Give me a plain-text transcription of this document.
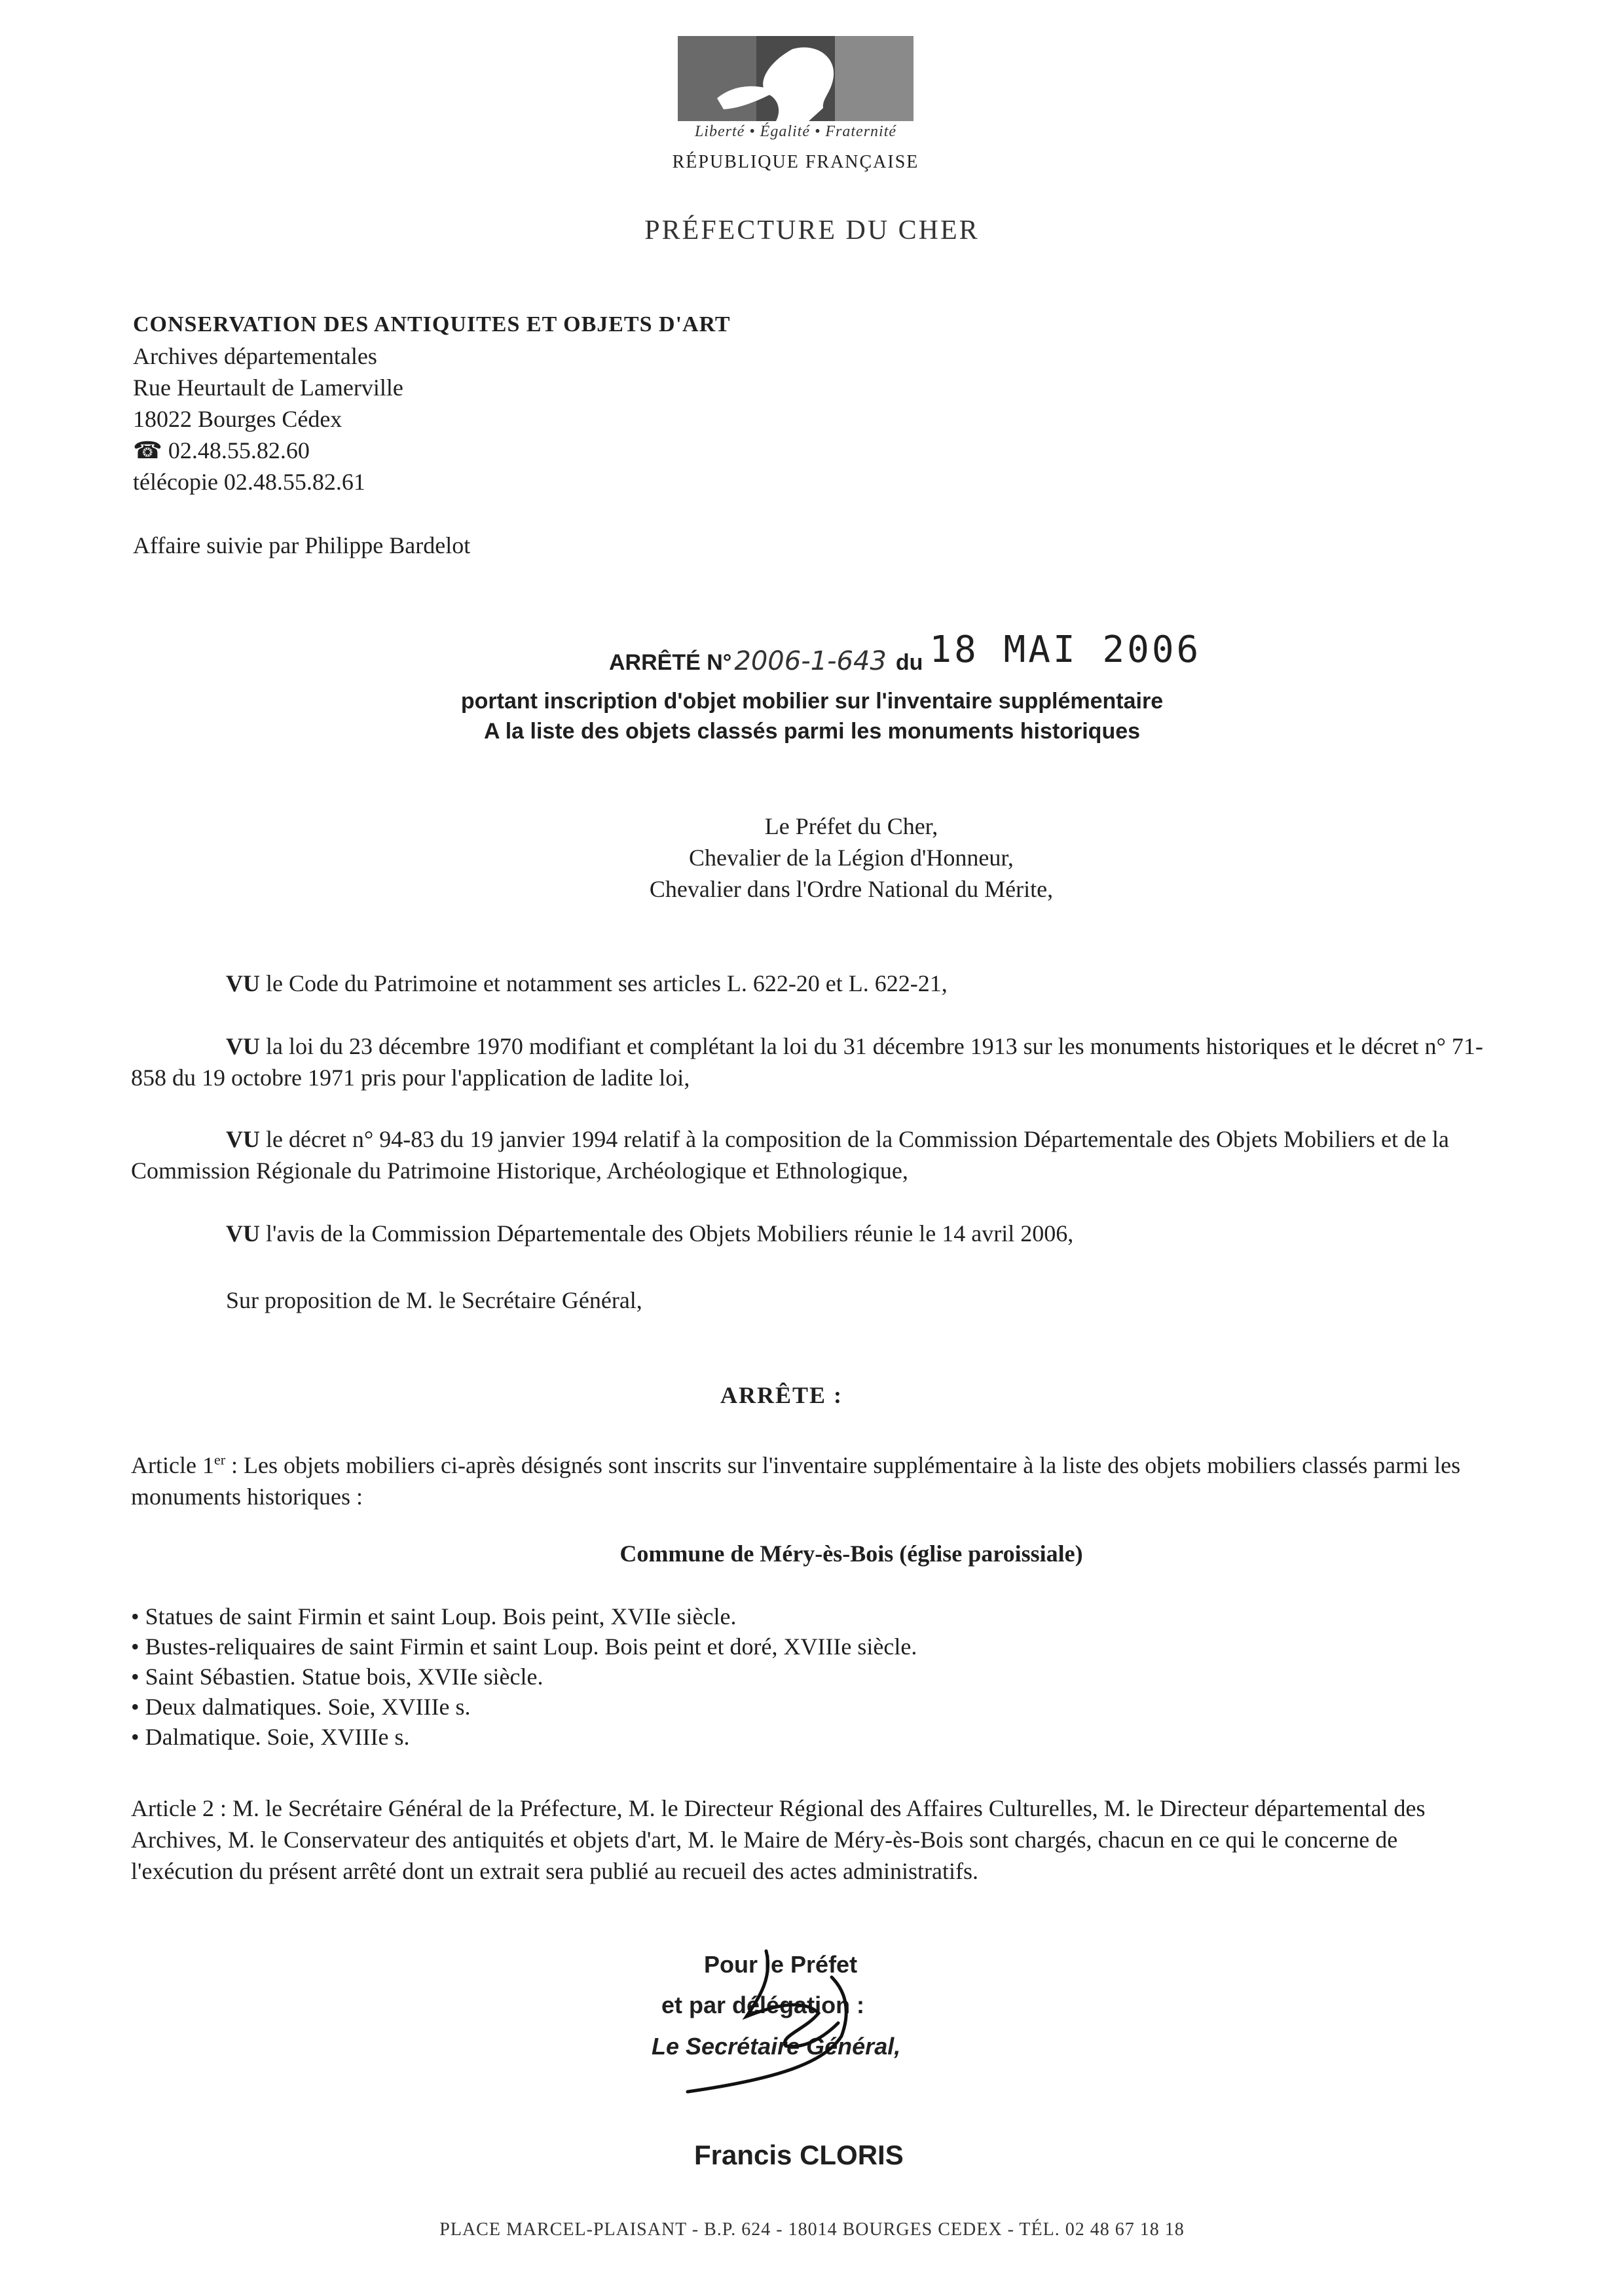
Liberté • Égalité • Fraternité
RÉPUBLIQUE FRANÇAISE
PRÉFECTURE DU CHER
CONSERVATION DES ANTIQUITES ET OBJETS D'ART
Archives départementales
Rue Heurtault de Lamerville
18022 Bourges Cédex
☎ 02.48.55.82.60
télécopie 02.48.55.82.61
Affaire suivie par Philippe Bardelot
ARRÊTÉ N° 2006-1-643 du 18 MAI 2006
portant inscription d'objet mobilier sur l'inventaire supplémentaire
A la liste des objets classés parmi les monuments historiques
Le Préfet du Cher,
Chevalier de la Légion d'Honneur,
Chevalier dans l'Ordre National du Mérite,
VU le Code du Patrimoine et notamment ses articles L. 622-20 et L. 622-21,
VU la loi du 23 décembre 1970 modifiant et complétant la loi du 31 décembre 1913 sur les monuments historiques et le décret n° 71-858 du 19 octobre 1971 pris pour l'application de ladite loi,
VU le décret n° 94-83 du 19 janvier 1994 relatif à la composition de la Commission Départementale des Objets Mobiliers et de la Commission Régionale du Patrimoine Historique, Archéologique et Ethnologique,
VU l'avis de la Commission Départementale des Objets Mobiliers réunie le 14 avril 2006,
Sur proposition de M. le Secrétaire Général,
ARRÊTE :
Article 1er : Les objets mobiliers ci-après désignés sont inscrits sur l'inventaire supplémentaire à la liste des objets mobiliers classés parmi les monuments historiques :
Commune de Méry-ès-Bois (église paroissiale)
• Statues de saint Firmin et saint Loup. Bois peint, XVIIe siècle.
• Bustes-reliquaires de saint Firmin et saint Loup. Bois peint et doré, XVIIIe siècle.
• Saint Sébastien. Statue bois, XVIIe siècle.
• Deux dalmatiques. Soie, XVIIIe s.
• Dalmatique. Soie, XVIIIe s.
Article 2 : M. le Secrétaire Général de la Préfecture, M. le Directeur Régional des Affaires Culturelles, M. le Directeur départemental des Archives, M. le Conservateur des antiquités et objets d'art, M. le Maire de Méry-ès-Bois sont chargés, chacun en ce qui le concerne de l'exécution du présent arrêté dont un extrait sera publié au recueil des actes administratifs.
Pour le Préfet
et par délégation :
Le Secrétaire Général,
Francis CLORIS
PLACE MARCEL-PLAISANT - B.P. 624 - 18014 BOURGES CEDEX - TÉL. 02 48 67 18 18
